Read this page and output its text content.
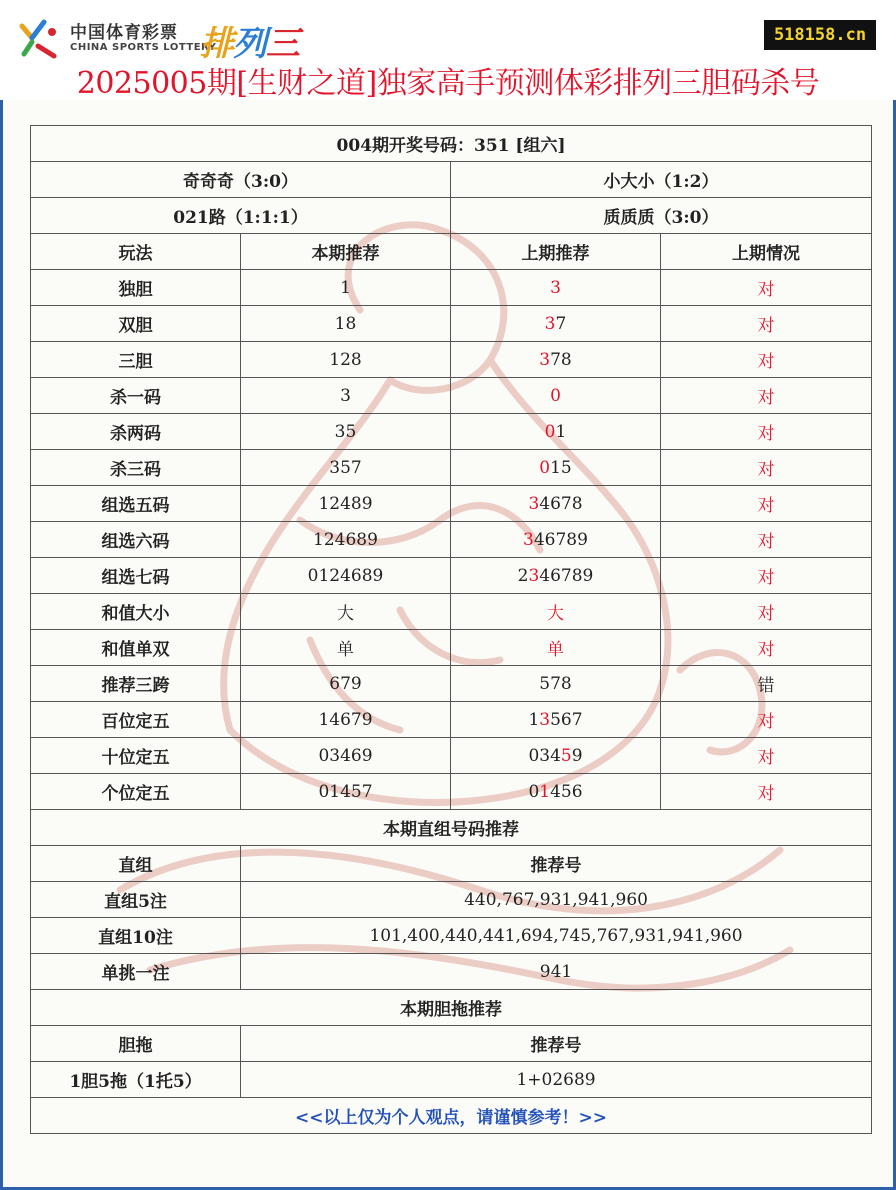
中国体育彩票
CHINA SPORTS LOTTERY
排列三	518158.cn
2025005期[生财之道]独家高手预测体彩排列三胆码杀号
004期开奖号码：351 [组六]			
奇奇奇（3:0）		小大小（1:2）	
021路（1:1:1）		质质质（3:0）	
玩法	本期推荐	上期推荐	上期情况
独胆	1	3	对
双胆	18	37	对
三胆	128	378	对
杀一码	3	0	对
杀两码	35	01	对
杀三码	357	015	对
组选五码	12489	34678	对
组选六码	124689	346789	对
组选七码	0124689	2346789	对
和值大小	大	大	对
和值单双	单	单	对
推荐三跨	679	578	错
百位定五	14679	13567	对
十位定五	03469	03459	对
个位定五	01457	01456	对
本期直组号码推荐			
直组	推荐号		
直组5注	440,767,931,941,960		
直组10注	101,400,440,441,694,745,767,931,941,960		
单挑一注	941		
本期胆拖推荐			
胆拖	推荐号		
1胆5拖（1托5）	1+02689		
<<以上仅为个人观点，请谨慎参考！>>			
